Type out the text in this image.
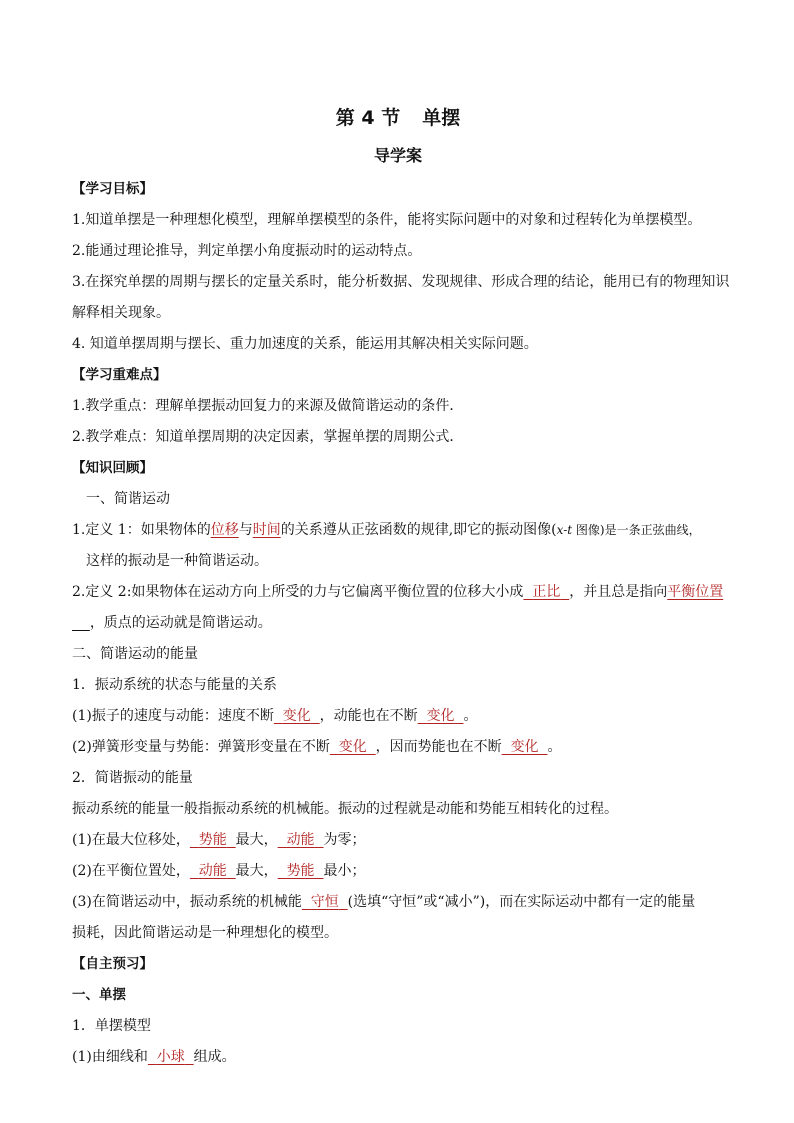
第 4 节 单摆
导学案
【学习目标】
1.知道单摆是一种理想化模型，理解单摆模型的条件，能将实际问题中的对象和过程转化为单摆模型。
2.能通过理论推导，判定单摆小角度振动时的运动特点。
3.在探究单摆的周期与摆长的定量关系时，能分析数据、发现规律、形成合理的结论，能用已有的物理知识
解释相关现象。
4. 知道单摆周期与摆长、重力加速度的关系，能运用其解决相关实际问题。
【学习重难点】
1.教学重点：理解单摆振动回复力的来源及做简谐运动的条件．
2.教学难点：知道单摆周期的决定因素，掌握单摆的周期公式．
【知识回顾】
一、简谐运动
1.定义 1：如果物体的位移与时间的关系遵从正弦函数的规律,即它的振动图像(x-t 图像)是一条正弦曲线，
这样的振动是一种简谐运动。
2.定义 2:如果物体在运动方向上所受的力与它偏离平衡位置的位移大小成 正比 ，并且总是指向平衡位置
，质点的运动就是简谐运动。
二、简谐运动的能量
1．振动系统的状态与能量的关系
(1)振子的速度与动能：速度不断 变化 ，动能也在不断 变化 。
(2)弹簧形变量与势能：弹簧形变量在不断 变化 ，因而势能也在不断 变化 。
2．简谐振动的能量
振动系统的能量一般指振动系统的机械能。振动的过程就是动能和势能互相转化的过程。
(1)在最大位移处， 势能 最大， 动能 为零；
(2)在平衡位置处， 动能 最大， 势能 最小；
(3)在简谐运动中，振动系统的机械能 守恒 (选填“守恒”或“减小”)，而在实际运动中都有一定的能量
损耗，因此简谐运动是一种理想化的模型。
【自主预习】
一、单摆
1．单摆模型
(1)由细线和 小球 组成。
